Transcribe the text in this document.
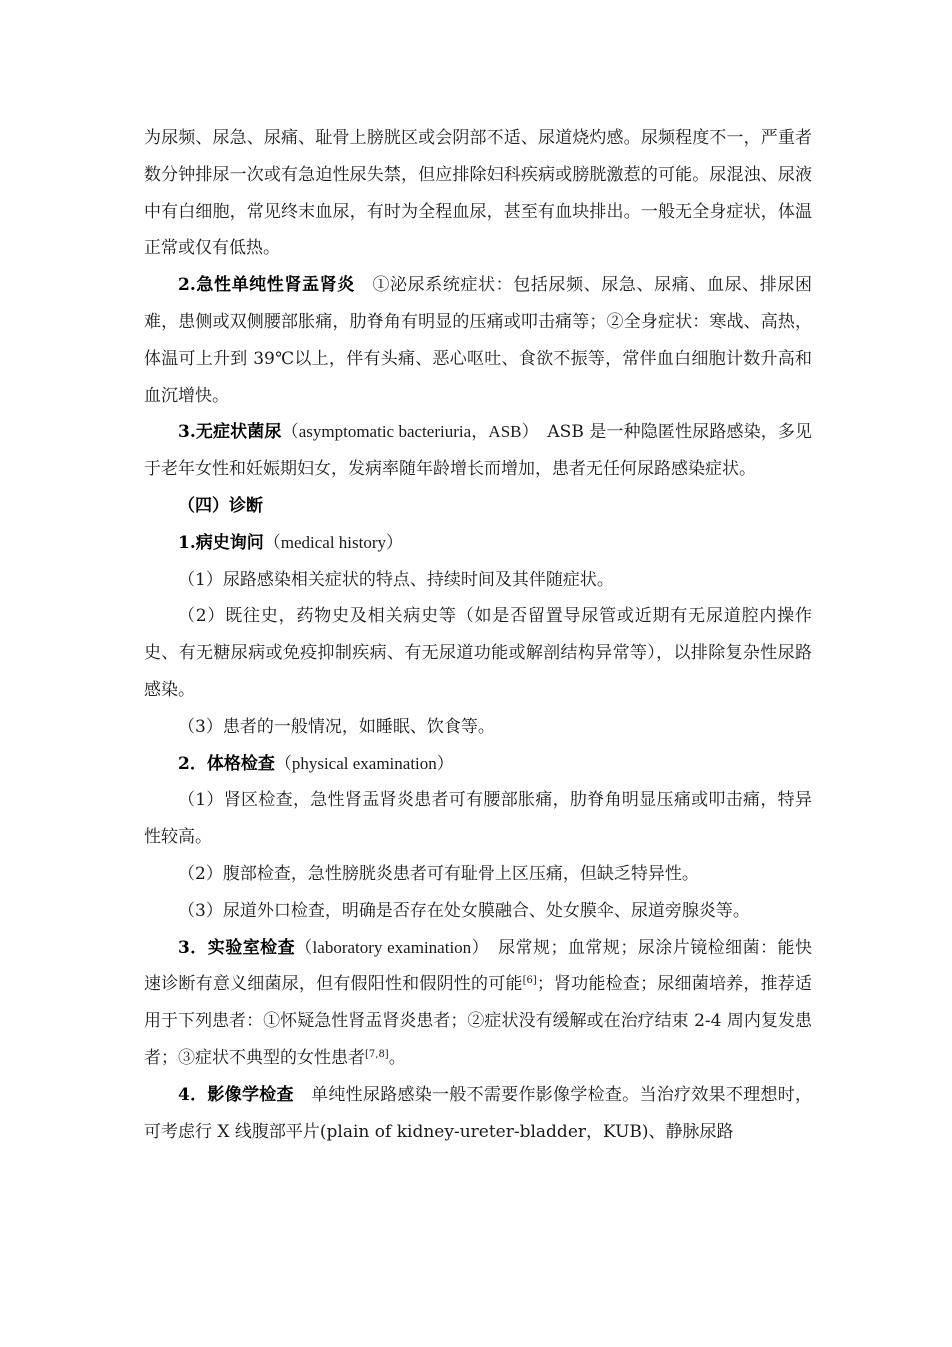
为尿频、尿急、尿痛、耻骨上膀胱区或会阴部不适、尿道烧灼感。尿频程度不一，严重者数分钟排尿一次或有急迫性尿失禁，但应排除妇科疾病或膀胱激惹的可能。尿混浊、尿液中有白细胞，常见终末血尿，有时为全程血尿，甚至有血块排出。一般无全身症状，体温正常或仅有低热。

2.急性单纯性肾盂肾炎　 ①泌尿系统症状：包括尿频、尿急、尿痛、血尿、排尿困难，患侧或双侧腰部胀痛，肋脊角有明显的压痛或叩击痛等；②全身症状：寒战、高热，体温可上升到 39℃以上，伴有头痛、恶心呕吐、食欲不振等，常伴血白细胞计数升高和血沉增快。

3.无症状菌尿（asymptomatic bacteriuria，ASB）　 ASB 是一种隐匿性尿路感染，多见于老年女性和妊娠期妇女，发病率随年龄增长而增加，患者无任何尿路感染症状。

（四）诊断

1.病史询问（medical history）

（1）尿路感染相关症状的特点、持续时间及其伴随症状。

（2）既往史，药物史及相关病史等（如是否留置导尿管或近期有无尿道腔内操作史、有无糖尿病或免疫抑制疾病、有无尿道功能或解剖结构异常等），以排除复杂性尿路感染。

（3）患者的一般情况，如睡眠、饮食等。

2．体格检查（physical examination）

（1）肾区检查，急性肾盂肾炎患者可有腰部胀痛，肋脊角明显压痛或叩击痛，特异性较高。

（2）腹部检查，急性膀胱炎患者可有耻骨上区压痛，但缺乏特异性。

（3）尿道外口检查，明确是否存在处女膜融合、处女膜伞、尿道旁腺炎等。

3．实验室检查（laboratory examination）　 尿常规；血常规；尿涂片镜检细菌：能快速诊断有意义细菌尿，但有假阳性和假阴性的可能[6]；肾功能检查；尿细菌培养，推荐适用于下列患者：①怀疑急性肾盂肾炎患者；②症状没有缓解或在治疗结束 2-4 周内复发患者；③症状不典型的女性患者[7,8]。

4．影像学检查　 单纯性尿路感染一般不需要作影像学检查。当治疗效果不理想时，可考虑行 X 线腹部平片(plain of kidney-ureter-bladder，KUB)、静脉尿路
